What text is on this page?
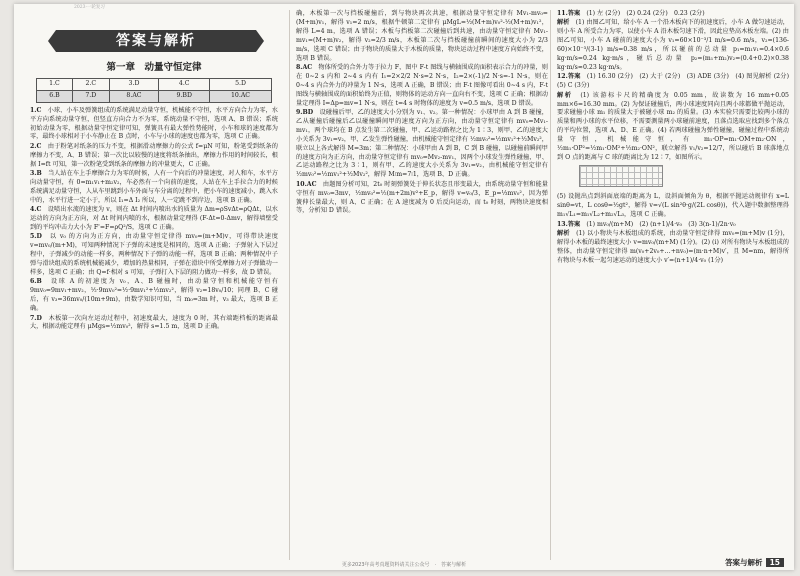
2023·一轮复习
答案与解析
第一章　动量守恒定律
1.C	2.C	3.D	4.C	5.D
6.B	7.D	8.AC	9.BD	10.AC

1.C　小球、小车及弹簧组成的系统满足动量守恒，机械能不守恒，水平方向合力为零，水平方向系统动量守恒，但竖直方向合力不为零，系统动量不守恒，选项 A、B 错误；系统初始动量为零，根据动量守恒定律可知，弹簧具有最大弹性势能时，小车和球的速度都为零，最终小球相对于小车静止在 B 点时，小车与小球的速度也都为零，选项 C 正确。

2.C　由于粉笔对纸条的压力不变，根据滑动摩擦力的公式 f=μN 可知，粉笔受到纸条的摩擦力不变，A、B 错误；第一次比以较慢的速度将纸条抽出，摩擦力作用的时间较长，根据 I=ft 可知，第一次粉笔受到纸条的摩擦力的冲量更大，C 正确。

3.B　当人站在车上手摩擦合力为零的时候，人有一个向后的冲量速度，对人和车，水平方向动量守恒，有 0=m₁v₁+m₂v₂，车必然有一个向前的速度，人站在车上手拉合力的时候系统满足动量守恒，人从车里跳到小车外面与车分离的过程中，把小车的速度减小，跳入水中的，水平行进一定小于，所以 I₁=Δ I₂ 所以，人一定跳不到岸边，选项 B 正确。

4.C　设喷出水流的速度为 v，则在 Δt 时间内喷出水的质量为 Δm=ρSvΔt=ρQΔt，以水运动的方向为正方向，对 Δt 时间内喷的水，根据动量定理得 (F-Δt=0-Δmv，解得墙壁受到的平均冲击力大小为 F'=F=ρQ²/S，选项 C 正确。

5.D　以 v₀ 的方向为正方向，由动量守恒定律得 mv₀=(m+M)v，可得带块速度 v=mv₀/(m+M)，可知两种情况下子弹的末速度是相同的，选项 A 正确；子弹射入下层过程中，子弹减少的动能一样多，两种情况下子弹的动能一样，选项 B 正确；两种情况中子弹与滑块组成的系统机械能减少，增加的热量相同，子弹在滑块中所受摩擦力对子弹做功一样多，选项 C 正确；由 Q=f·相对 s 可知，子弹打入下层的阻力做功一样多，故 D 错误。

6.B　设球 A 的初速度为 v₀，A、B 碰撞时，由动量守恒和机械能守恒有 9mv₀=9mv₁+mv₂，½·9mv₀²=½·9mv₁²+½mv₂²，解得 v₂=18v₀/10；同理 B、C 碰后，有 v₃=36mv₀/(10m+9m)，由数学知识可知，当 m₀=3m 时，v₃ 最大，选项 B 正确。

7.D　木板第一次向左运动过程中，初速度最大，速度为 0 时，其右端距档板的距离最大，根据动能定理有 μMgs=½mv₀²，解得 s=1.5 m，选项 D 正确。

确，木板第一次与挡板碰撞后，到与物块再次共速，根据动量守恒定律有 Mv₁-mv₀=(M+m)v₁，解得 v₁=2 m/s，根据牛顿第二定律有 μMgL=½(M+m)v₀²-½(M+m)v₁²，解得 L=4 m，选项 A 错误；木板与挡板第二次碰撞后到共速，由动量守恒定律有 Mv₁-mv₁=(M+m)v₂，解得 v₂=2/3 m/s，木板第二次与挡板碰撞前瞬间的速度大小为 2/3 m/s，选项 C 错误；由于物块的质量大于木板的质量，物块运动过程中速度方向始终不变，选项 B 错误。

8.AC　物体所受的合外力等于拉力 F，图中 F-t 图线与横轴围成的面积表示合力的冲量，则在 0~2 s 内和 2~4 s 内有 I₁=2×2/2 N·s=2 N·s，I₂=2×(-1)/2 N·s=-1 N·s，则在 0~4 s 内合外力的冲量为 1 N·s，选项 A 正确，B 错误；由 F-t 图像可看出 0~4 s 内，F-t 图线与横轴围成的面积始终为正值，则物体的运动方向一直向右不变，选项 C 正确；根据动量定理得 I=Δp=mv=1 N·s，则在 t=4 s 时物体的速度为 v=0.5 m/s，选项 D 错误。

9.BD　设碰撞后甲、乙的速度大小分别为 v₁、v₂。第一种情况：小球甲由 A 到 B 碰撞，乙从碰撞后碰撞后乙以碰撞瞬间甲的速度方向为正方向，由动量守恒定律有 mv₀=Mv₁-mv₁，两个球均在 B 点发生第二次碰撞，甲、乙运动路程之比为 1∶3，则甲、乙的速度大小关系为 3v₁=v₂，甲、乙发生弹性碰撞，由机械能守恒定律有 ½mv₀²=½mv₁²+½Mv₂²，联立以上各式解得 M=3m；第二种情况：小球甲由 A 到 B，C 到 B 碰撞，以碰撞前瞬间甲的速度方向为正方向，由动量守恒定律有 mv₀=Mv₂-mv₁，因两个小球发生弹性碰撞，甲、乙运动路程之比为 3∶1，则有甲、乙的速度大小关系为 3v₁=v₂，由机械能守恒定律有 ½mv₀²=½mv₁²+½Mv₂²，解得 M∶m=7∶1，选项 B、D 正确。

10.AC　由题图分析可知，2t₀ 时刻弹簧处于伸长状态且形变最大，由系统动量守恒和能量守恒有 mv₀=3mv，½mv₀²=½(m+2m)v²+E_p，解得 v=v₀/3，E_p=⅓mv₀²，因为弹簧伸长量最大，则 A、C 正确；在 A 速度减为 0 后反向运动，而 t₀ 时刻，两物块速度相等，分析知 D 错误。

11.答案　(1) 左 (2分)　(2) 0.24 (2分)　0.23 (2分)

解析　(1) 由图乙可知，给小车 A 一个沿木板向下的初速度后，小车 A 做匀速运动，则小车 A 所受合力为零，以使小车 A 沿木板匀速下滑，因此应垫高木板左端。(2) 由图乙可知，小车 A 碰前的速度大小为 v₁=60×10⁻³/1 m/s=0.6 m/s，v₂=(136-60)×10⁻³/(3-1) m/s=0.38 m/s，所以碰前的总动量 p₁=m₁v₁=0.4×0.6 kg·m/s=0.24 kg·m/s，碰后总动量 p₂=(m₁+m₂)v₂=(0.4+0.2)×0.38 kg·m/s≈0.23 kg·m/s。

12.答案　(1) 16.30 (2分)　(2) 大于 (2分)　(3) ADE (3分)　(4) 图见解析 (2分)　(5) C (3分)

解析　(1) 该游标卡尺的精确度为 0.05 mm，故读数为 16 mm+0.05 mm×6=16.30 mm。(2) 为保证碰撞后，两小球速度同向且两小球都做平抛运动，要求碰撞小球 m₁ 的质量大于被碰小球 m₂ 的质量。(3) 本实验只需要比较两小球的质量和两小球的水平位移，不需要测量两小球碰前速度，且落点选取应找到多个落点的平均位置，选项 A、D、E 正确。(4) 若两球碰撞为弹性碰撞，碰撞过程中系统动量守恒，机械能守恒，有 m₁·OP=m₁·OM+m₂·ON，½m₁·OP²=½m₁·OM²+½m₂·ON²，联立解得 v₁/v₂=12/7，所以碰后 B 球落地点到 O 点的距离与 C 球的距离比为 12∶7，如图所示。

(5) 设抛出点到斜面底端的距离为 L，设斜面倾角为 θ，根据平抛运动规律有 x=L sinθ=vt，L cosθ=½gt²，解得 v=√(L sin²θ·g/(2L cosθ))，代入题中数据整理得 m₁√L₁=m₁√L₂+m₂√L₃，选项 C 正确。

13.答案　(1) mv₀/(m+M)　(2) (n+1)/4·v₀　(3) 3(n-1)/2n·v₀

解析　(1) 以小物块与木板组成的系统，由动量守恒定律得 mv₀=(m+M)v (1分)，解得小木板的最终速度大小 v=mv₀/(m+M) (1分)。(2) (i) 对所有物块与木板组成的整体，由动量守恒定律得 m(v₀+2v₀+…+nv₀)=(m·n+M)v′，且 M=nm，解得所有物块与木板一起匀速运动的速度大小 v′=(n+1)/4·v₀ (1分)

更多2023年高考真题资料请关注公众号　·　答案与解析	答案与解析 15
